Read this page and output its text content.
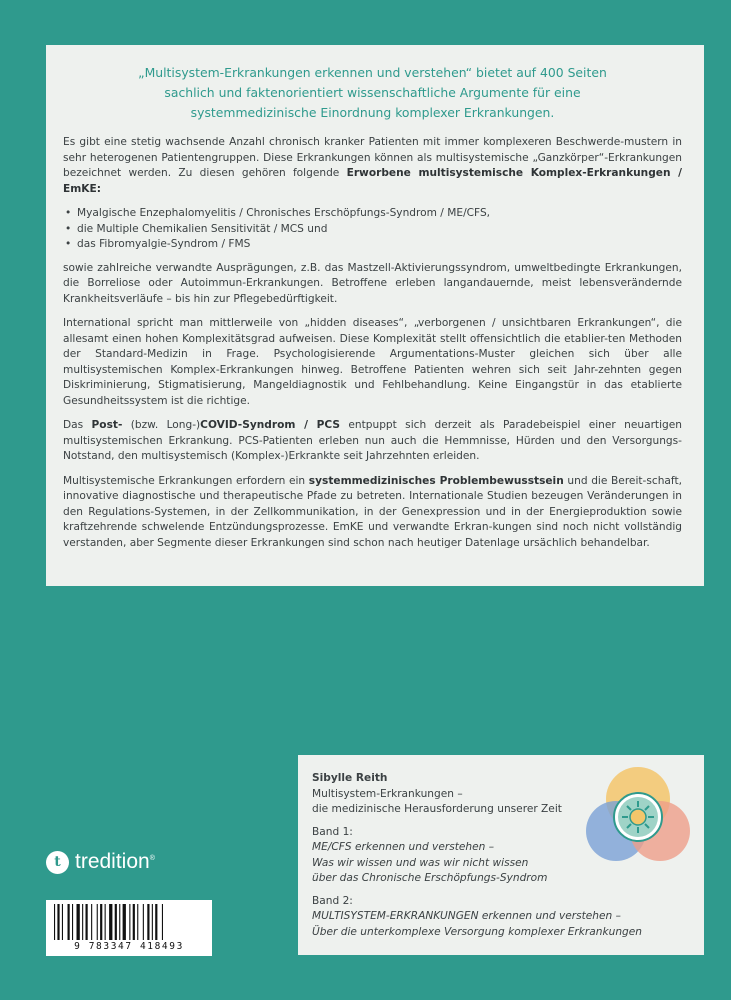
„Multisystem-Erkrankungen erkennen und verstehen“ bietet auf 400 Seiten
sachlich und faktenorientiert wissenschaftliche Argumente für eine
systemmedizinische Einordnung komplexer Erkrankungen.

Es gibt eine stetig wachsende Anzahl chronisch kranker Patienten mit immer komplexeren Beschwerde-mustern in sehr heterogenen Patientengruppen. Diese Erkrankungen können als multisystemische „Ganzkörper“-Erkrankungen bezeichnet werden. Zu diesen gehören folgende Erworbene multisystemische Komplex-Erkrankungen / EmKE:

• Myalgische Enzephalomyelitis / Chronisches Erschöpfungs-Syndrom / ME/CFS,
• die Multiple Chemikalien Sensitivität / MCS und
• das Fibromyalgie-Syndrom / FMS

sowie zahlreiche verwandte Ausprägungen, z.B. das Mastzell-Aktivierungssyndrom, umweltbedingte Erkrankungen, die Borreliose oder Autoimmun-Erkrankungen. Betroffene erleben langandauernde, meist lebensverändernde Krankheitsverläufe – bis hin zur Pflegebedürftigkeit.

International spricht man mittlerweile von „hidden diseases“, „verborgenen / unsichtbaren Erkrankungen“, die allesamt einen hohen Komplexitätsgrad aufweisen. Diese Komplexität stellt offensichtlich die etablier-ten Methoden der Standard-Medizin in Frage. Psychologisierende Argumentations-Muster gleichen sich über alle multisystemischen Komplex-Erkrankungen hinweg. Betroffene Patienten wehren sich seit Jahr-zehnten gegen Diskriminierung, Stigmatisierung, Mangeldiagnostik und Fehlbehandlung. Keine Eingangstür in das etablierte Gesundheitssystem ist die richtige.

Das Post- (bzw. Long-)COVID-Syndrom / PCS entpuppt sich derzeit als Paradebeispiel einer neuartigen multisystemischen Erkrankung. PCS-Patienten erleben nun auch die Hemmnisse, Hürden und den Versorgungs-Notstand, den multisystemisch (Komplex-)Erkrankte seit Jahrzehnten erleiden.

Multisystemische Erkrankungen erfordern ein systemmedizinisches Problembewusstsein und die Bereit-schaft, innovative diagnostische und therapeutische Pfade zu betreten. Internationale Studien bezeugen Veränderungen in den Regulations-Systemen, in der Zellkommunikation, in der Genexpression und in der Energieproduktion sowie kraftzehrende schwelende Entzündungsprozesse. EmKE und verwandte Erkran-kungen sind noch nicht vollständig verstanden, aber Segmente dieser Erkrankungen sind schon nach heutiger Datenlage ursächlich behandelbar.

Sibylle Reith
Multisystem-Erkrankungen –
die medizinische Herausforderung unserer Zeit
Band 1:
ME/CFS erkennen und verstehen –
Was wir wissen und was wir nicht wissen
über das Chronische Erschöpfungs-Syndrom
Band 2:
MULTISYSTEM-ERKRANKUNGEN erkennen und verstehen –
Über die unterkomplexe Versorgung komplexer Erkrankungen
t tredition®
9 783347 418493
